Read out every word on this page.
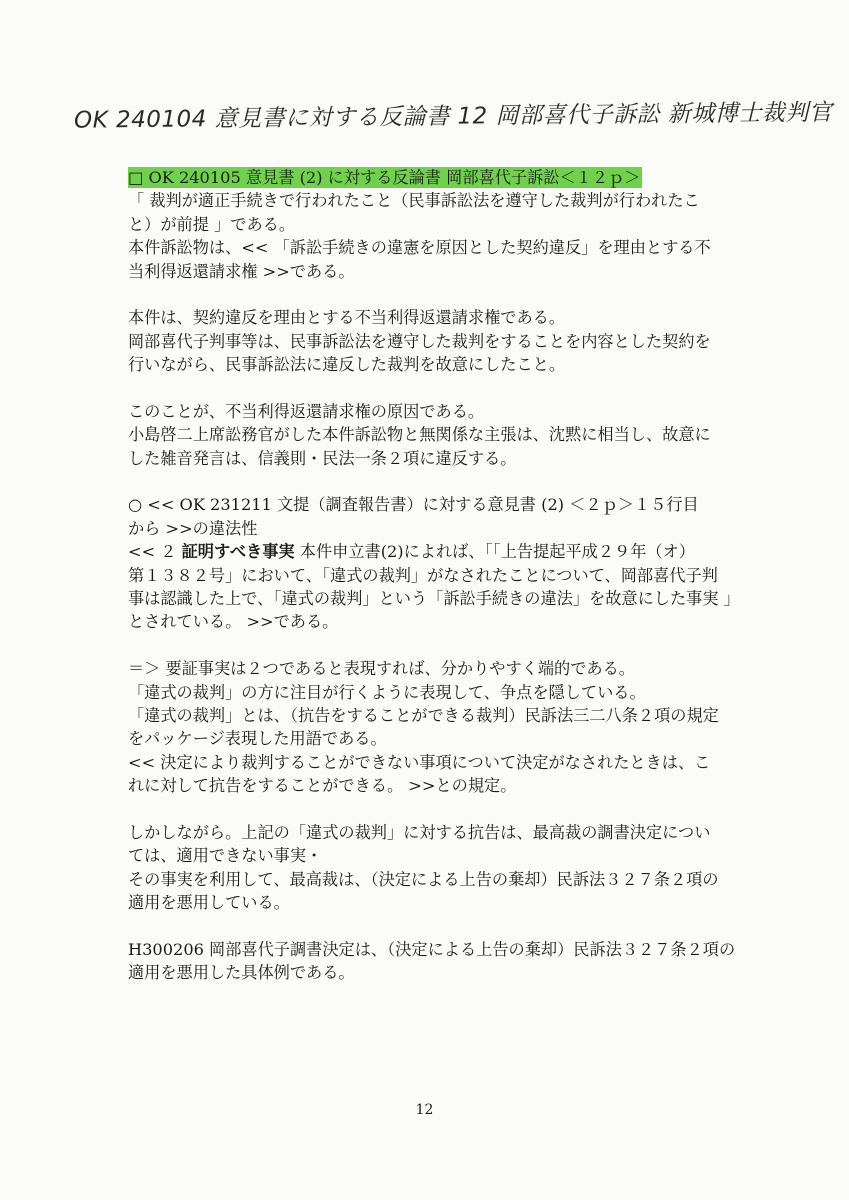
OK 240104 意見書に対する反論書 12 岡部喜代子訴訟 新城博士裁判官
□ OK 240105 意見書 (2) に対する反論書 岡部喜代子訴訟＜１２ｐ＞
「 裁判が適正手続きで行われたこと（民事訴訟法を遵守した裁判が行われたこ
と）が前提 」である。
本件訴訟物は、<< 「訴訟手続きの違憲を原因とした契約違反」を理由とする不
当利得返還請求権 >>である。
本件は、契約違反を理由とする不当利得返還請求権である。
岡部喜代子判事等は、民事訴訟法を遵守した裁判をすることを内容とした契約を
行いながら、民事訴訟法に違反した裁判を故意にしたこと。
このことが、不当利得返還請求権の原因である。
小島啓二上席訟務官がした本件訴訟物と無関係な主張は、沈黙に相当し、故意に
した雑音発言は、信義則・民法一条２項に違反する。
○ << OK 231211 文提（調査報告書）に対する意見書 (2) ＜２ｐ＞１５行目
から >>の違法性
<< ２ 証明すべき事実 本件申立書(2)によれば、「「上告提起平成２９年（オ）
第１３８２号」において、「違式の裁判」がなされたことについて、岡部喜代子判
事は認識した上で、「違式の裁判」という「訴訟手続きの違法」を故意にした事実 」
とされている。 >>である。
＝＞ 要証事実は２つであると表現すれば、分かりやすく端的である。
「違式の裁判」の方に注目が行くように表現して、争点を隠している。
「違式の裁判」とは、（抗告をすることができる裁判）民訴法三二八条２項の規定
をパッケージ表現した用語である。
<< 決定により裁判することができない事項について決定がなされたときは、こ
れに対して抗告をすることができる。 >>との規定。
しかしながら。上記の「違式の裁判」に対する抗告は、最高裁の調書決定につい
ては、適用できない事実・
その事実を利用して、最高裁は、（決定による上告の棄却）民訴法３２７条２項の
適用を悪用している。
H300206 岡部喜代子調書決定は、（決定による上告の棄却）民訴法３２７条２項の
適用を悪用した具体例である。
12
